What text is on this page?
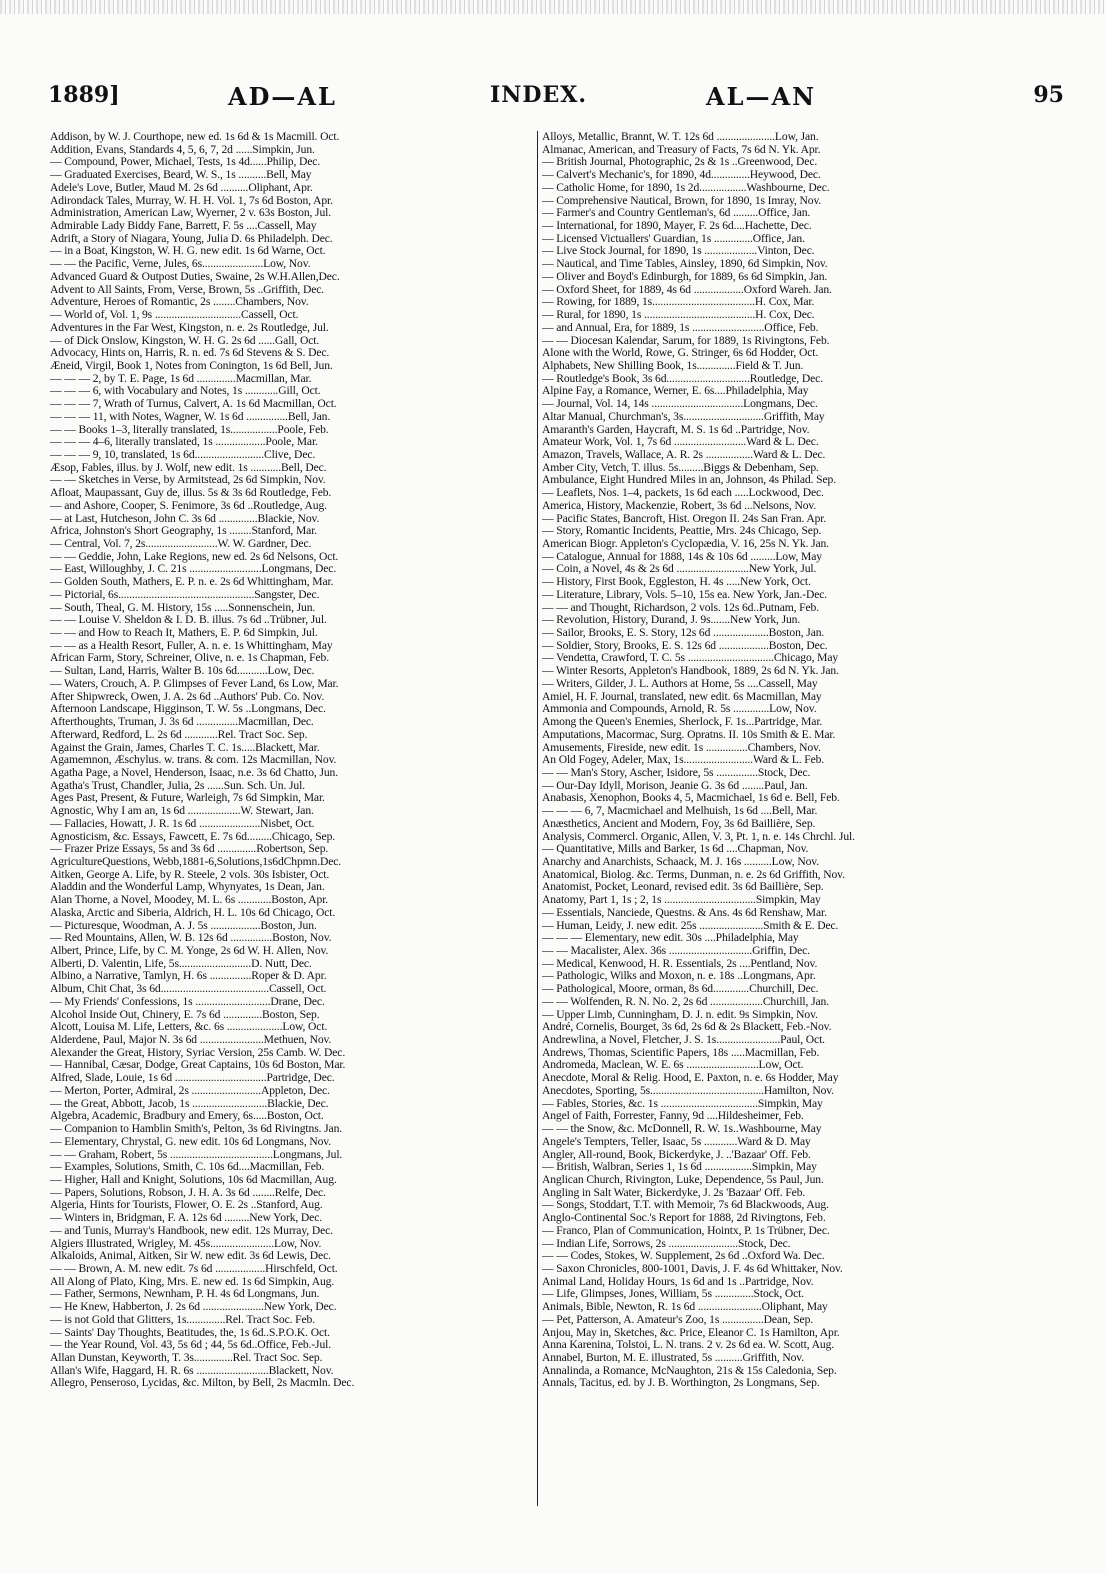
1889]	AD—AL	INDEX.	AL—AN	95
Addison, by W. J. Courthope, new ed. 1s 6d & 1s Macmill. Oct.
Addition, Evans, Standards 4, 5, 6, 7, 2d ......Simpkin, Jun.
— Compound, Power, Michael, Tests, 1s 4d......Philip, Dec.
— Graduated Exercises, Beard, W. S., 1s ..........Bell, May
Adele's Love, Butler, Maud M. 2s 6d ..........Oliphant, Apr.
Adirondack Tales, Murray, W. H. H. Vol. 1, 7s 6d Boston, Apr.
Administration, American Law, Wyerner, 2 v. 63s Boston, Jul.
Admirable Lady Biddy Fane, Barrett, F. 5s ....Cassell, May
Adrift, a Story of Niagara, Young, Julia D. 6s Philadelph. Dec.
— in a Boat, Kingston, W. H. G. new edit. 1s 6d Warne, Oct.
— — the Pacific, Verne, Jules, 6s......................Low, Nov.
Advanced Guard & Outpost Duties, Swaine, 2s W.H.Allen,Dec.
Advent to All Saints, From, Verse, Brown, 5s ..Griffith, Dec.
Adventure, Heroes of Romantic, 2s ........Chambers, Nov.
— World of, Vol. 1, 9s ...............................Cassell, Oct.
Adventures in the Far West, Kingston, n. e. 2s Routledge, Jul.
— of Dick Onslow, Kingston, W. H. G. 2s 6d ......Gall, Oct.
Advocacy, Hints on, Harris, R. n. ed. 7s 6d Stevens & S. Dec.
Æneid, Virgil, Book 1, Notes from Conington, 1s 6d Bell, Jun.
— — — 2, by T. E. Page, 1s 6d ..............Macmillan, Mar.
— — — 6, with Vocabulary and Notes, 1s ............Gill, Oct.
— — — 7, Wrath of Turnus, Calvert, A. 1s 6d Macmillan, Oct.
— — — 11, with Notes, Wagner, W. 1s 6d ...............Bell, Jan.
— — Books 1–3, literally translated, 1s.................Poole, Feb.
— — — 4–6, literally translated, 1s ..................Poole, Mar.
— — — 9, 10, translated, 1s 6d.........................Clive, Dec.
Æsop, Fables, illus. by J. Wolf, new edit. 1s ...........Bell, Dec.
— — Sketches in Verse, by Armitstead, 2s 6d Simpkin, Nov.
Afloat, Maupassant, Guy de, illus. 5s & 3s 6d Routledge, Feb.
— and Ashore, Cooper, S. Fenimore, 3s 6d ..Routledge, Aug.
— at Last, Hutcheson, John C. 3s 6d ..............Blackie, Nov.
Africa, Johnston's Short Geography, 1s ........Stanford, Mar.
— Central, Vol. 7, 2s..........................W. W. Gardner, Dec.
— — Geddie, John, Lake Regions, new ed. 2s 6d Nelsons, Oct.
— East, Willoughby, J. C. 21s ..........................Longmans, Dec.
— Golden South, Mathers, E. P. n. e. 2s 6d Whittingham, Mar.
— Pictorial, 6s.................................................Sangster, Dec.
— South, Theal, G. M. History, 15s .....Sonnenschein, Jun.
— — Louise V. Sheldon & I. D. B. illus. 7s 6d ..Trübner, Jul.
— — and How to Reach It, Mathers, E. P. 6d Simpkin, Jul.
— — as a Health Resort, Fuller, A. n. e. 1s Whittingham, May
African Farm, Story, Schreiner, Olive, n. e. 1s Chapman, Feb.
— Sultan, Land, Harris, Walter B. 10s 6d...........Low, Dec.
— Waters, Crouch, A. P. Glimpses of Fever Land, 6s Low, Mar.
After Shipwreck, Owen, J. A. 2s 6d ..Authors' Pub. Co. Nov.
Afternoon Landscape, Higginson, T. W. 5s ..Longmans, Dec.
Afterthoughts, Truman, J. 3s 6d ...............Macmillan, Dec.
Afterward, Redford, L. 2s 6d ............Rel. Tract Soc. Sep.
Against the Grain, James, Charles T. C. 1s.....Blackett, Mar.
Agamemnon, Æschylus. w. trans. & com. 12s Macmillan, Nov.
Agatha Page, a Novel, Henderson, Isaac, n.e. 3s 6d Chatto, Jun.
Agatha's Trust, Chandler, Julia, 2s ......Sun. Sch. Un. Jul.
Ages Past, Present, & Future, Warleigh, 7s 6d Simpkin, Mar.
Agnostic, Why I am an, 1s 6d ...................W. Stewart, Jan.
— Fallacies, Howatt, J. R. 1s 6d ......................Nisbet, Oct.
Agnosticism, &c. Essays, Fawcett, E. 7s 6d.........Chicago, Sep.
— Frazer Prize Essays, 5s and 3s 6d ..............Robertson, Sep.
AgricultureQuestions, Webb,1881-6,Solutions,1s6dChpmn.Dec.
Aitken, George A. Life, by R. Steele, 2 vols. 30s Isbister, Oct.
Aladdin and the Wonderful Lamp, Whynyates, 1s Dean, Jan.
Alan Thorne, a Novel, Moodey, M. L. 6s ............Boston, Apr.
Alaska, Arctic and Siberia, Aldrich, H. L. 10s 6d Chicago, Oct.
— Picturesque, Woodman, A. J. 5s ..................Boston, Jun.
— Red Mountains, Allen, W. B. 12s 6d ...............Boston, Nov.
Albert, Prince, Life, by C. M. Yonge, 2s 6d W. H. Allen, Nov.
Alberti, D. Valentin, Life, 5s..........................D. Nutt, Dec.
Albino, a Narrative, Tamlyn, H. 6s ...............Roper & D. Apr.
Album, Chit Chat, 3s 6d.......................................Cassell, Oct.
— My Friends' Confessions, 1s ...........................Drane, Dec.
Alcohol Inside Out, Chinery, E. 7s 6d ..............Boston, Sep.
Alcott, Louisa M. Life, Letters, &c. 6s ....................Low, Oct.
Alderdene, Paul, Major N. 3s 6d .......................Methuen, Nov.
Alexander the Great, History, Syriac Version, 25s Camb. W. Dec.
— Hannibal, Cæsar, Dodge, Great Captains, 10s 6d Boston, Mar.
Alfred, Slade, Louie, 1s 6d .................................Partridge, Dec.
— Merton, Porter, Admiral, 2s .........................Appleton, Dec.
— the Great, Abbott, Jacob, 1s ...........................Blackie, Dec.
Algebra, Academic, Bradbury and Emery, 6s.....Boston, Oct.
— Companion to Hamblin Smith's, Pelton, 3s 6d Rivingtns. Jan.
— Elementary, Chrystal, G. new edit. 10s 6d Longmans, Nov.
— — Graham, Robert, 5s .....................................Longmans, Jul.
— Examples, Solutions, Smith, C. 10s 6d....Macmillan, Feb.
— Higher, Hall and Knight, Solutions, 10s 6d Macmillan, Aug.
— Papers, Solutions, Robson, J. H. A. 3s 6d ........Relfe, Dec.
Algeria, Hints for Tourists, Flower, O. E. 2s ..Stanford, Aug.
— Winters in, Bridgman, F. A. 12s 6d .........New York, Dec.
— and Tunis, Murray's Handbook, new edit. 12s Murray, Dec.
Algiers Illustrated, Wrigley, M. 45s.......................Low, Nov.
Alkaloids, Animal, Aitken, Sir W. new edit. 3s 6d Lewis, Dec.
— — Brown, A. M. new edit. 7s 6d ..................Hirschfeld, Oct.
All Along of Plato, King, Mrs. E. new ed. 1s 6d Simpkin, Aug.
— Father, Sermons, Newnham, P. H. 4s 6d Longmans, Jun.
— He Knew, Habberton, J. 2s 6d ......................New York, Dec.
— is not Gold that Glitters, 1s..............Rel. Tract Soc. Feb.
— Saints' Day Thoughts, Beatitudes, the, 1s 6d..S.P.O.K. Oct.
— the Year Round, Vol. 43, 5s 6d ; 44, 5s 6d..Office, Feb.-Jul.
Allan Dunstan, Keyworth, T. 3s..............Rel. Tract Soc. Sep.
Allan's Wife, Haggard, H. R. 6s ..........................Blackett, Nov.
Allegro, Penseroso, Lycidas, &c. Milton, by Bell, 2s Macmln. Dec.
Alloys, Metallic, Brannt, W. T. 12s 6d .....................Low, Jan.
Almanac, American, and Treasury of Facts, 7s 6d N. Yk. Apr.
— British Journal, Photographic, 2s & 1s ..Greenwood, Dec.
— Calvert's Mechanic's, for 1890, 4d..............Heywood, Dec.
— Catholic Home, for 1890, 1s 2d.................Washbourne, Dec.
— Comprehensive Nautical, Brown, for 1890, 1s Imray, Nov.
— Farmer's and Country Gentleman's, 6d .........Office, Jan.
— International, for 1890, Mayer, F. 2s 6d....Hachette, Dec.
— Licensed Victuallers' Guardian, 1s ..............Office, Jan.
— Live Stock Journal, for 1890, 1s ...................Vinton, Dec.
— Nautical, and Time Tables, Ainsley, 1890, 6d Simpkin, Nov.
— Oliver and Boyd's Edinburgh, for 1889, 6s 6d Simpkin, Jan.
— Oxford Sheet, for 1889, 4s 6d ..................Oxford Wareh. Jan.
— Rowing, for 1889, 1s.....................................H. Cox, Mar.
— Rural, for 1890, 1s ........................................H. Cox, Dec.
— and Annual, Era, for 1889, 1s ..........................Office, Feb.
— — Diocesan Kalendar, Sarum, for 1889, 1s Rivingtons, Feb.
Alone with the World, Rowe, G. Stringer, 6s 6d Hodder, Oct.
Alphabets, New Shilling Book, 1s..............Field & T. Jun.
— Routledge's Book, 3s 6d..............................Routledge, Dec.
Alpine Fay, a Romance, Werner, E. 6s....Philadelphia, May
— Journal, Vol. 14, 14s .................................Longmans, Dec.
Altar Manual, Churchman's, 3s.............................Griffith, May
Amaranth's Garden, Haycraft, M. S. 1s 6d ..Partridge, Nov.
Amateur Work, Vol. 1, 7s 6d ..........................Ward & L. Dec.
Amazon, Travels, Wallace, A. R. 2s .................Ward & L. Dec.
Amber City, Vetch, T. illus. 5s.........Biggs & Debenham, Sep.
Ambulance, Eight Hundred Miles in an, Johnson, 4s Philad. Sep.
— Leaflets, Nos. 1–4, packets, 1s 6d each .....Lockwood, Dec.
America, History, Mackenzie, Robert, 3s 6d ...Nelsons, Nov.
— Pacific States, Bancroft, Hist. Oregon II. 24s San Fran. Apr.
— Story, Romantic Incidents, Peattie, Mrs. 24s Chicago, Sep.
American Biogr. Appleton's Cyclopædia, V. 16, 25s N. Yk. Jan.
— Catalogue, Annual for 1888, 14s & 10s 6d .........Low, May
— Coin, a Novel, 4s & 2s 6d ..........................New York, Jul.
— History, First Book, Eggleston, H. 4s .....New York, Oct.
— Literature, Library, Vols. 5–10, 15s ea. New York, Jan.-Dec.
— — and Thought, Richardson, 2 vols. 12s 6d..Putnam, Feb.
— Revolution, History, Durand, J. 9s.......New York, Jun.
— Sailor, Brooks, E. S. Story, 12s 6d ....................Boston, Jan.
— Soldier, Story, Brooks, E. S. 12s 6d ..................Boston, Dec.
— Vendetta, Crawford, T. C. 5s ...............................Chicago, May
— Winter Resorts, Appleton's Handbook, 1889, 2s 6d N. Yk. Jan.
— Writers, Gilder, J. L. Authors at Home, 5s ....Cassell, May
Amiel, H. F. Journal, translated, new edit. 6s Macmillan, May
Ammonia and Compounds, Arnold, R. 5s .............Low, Nov.
Among the Queen's Enemies, Sherlock, F. 1s...Partridge, Mar.
Amputations, Macormac, Surg. Opratns. II. 10s Smith & E. Mar.
Amusements, Fireside, new edit. 1s ...............Chambers, Nov.
An Old Fogey, Adeler, Max, 1s.........................Ward & L. Feb.
— — Man's Story, Ascher, Isidore, 5s ...............Stock, Dec.
— Our-Day Idyll, Morison, Jeanie G. 3s 6d ........Paul, Jan.
Anabasis, Xenophon, Books 4, 5, Macmichael, 1s 6d e. Bell, Feb.
— — — 6, 7, Macmichael and Melhuish, 1s 6d ....Bell, Mar.
Anæsthetics, Ancient and Modern, Foy, 3s 6d Baillière, Sep.
Analysis, Commercl. Organic, Allen, V. 3, Pt. 1, n. e. 14s Chrchl. Jul.
— Quantitative, Mills and Barker, 1s 6d ....Chapman, Nov.
Anarchy and Anarchists, Schaack, M. J. 16s ..........Low, Nov.
Anatomical, Biolog. &c. Terms, Dunman, n. e. 2s 6d Griffith, Nov.
Anatomist, Pocket, Leonard, revised edit. 3s 6d Baillière, Sep.
Anatomy, Part 1, 1s ; 2, 1s .................................Simpkin, May
— Essentials, Nanciede, Questns. & Ans. 4s 6d Renshaw, Mar.
— Human, Leidy, J. new edit. 25s .......................Smith & E. Dec.
— — — Elementary, new edit. 30s ....Philadelphia, May
— — Macalister, Alex. 36s ..............................Griffin, Dec.
— Medical, Kenwood, H. R. Essentials, 2s ....Pentland, Nov.
— Pathologic, Wilks and Moxon, n. e. 18s ..Longmans, Apr.
— Pathological, Moore, orman, 8s 6d.............Churchill, Dec.
— — Wolfenden, R. N. No. 2, 2s 6d ...................Churchill, Jan.
— Upper Limb, Cunningham, D. J. n. edit. 9s Simpkin, Nov.
André, Cornelis, Bourget, 3s 6d, 2s 6d & 2s Blackett, Feb.-Nov.
Andrewlina, a Novel, Fletcher, J. S. 1s.......................Paul, Oct.
Andrews, Thomas, Scientific Papers, 18s .....Macmillan, Feb.
Andromeda, Maclean, W. E. 6s ..........................Low, Oct.
Anecdote, Moral & Relig. Hood, E. Paxton, n. e. 6s Hodder, May
Anecdotes, Sporting, 5s.........................................Hamilton, Nov.
— Fables, Stories, &c. 1s ...................................Simpkin, May
Angel of Faith, Forrester, Fanny, 9d ....Hildesheimer, Feb.
— — the Snow, &c. McDonnell, R. W. 1s..Washbourne, May
Angele's Tempters, Teller, Isaac, 5s ............Ward & D. May
Angler, All-round, Book, Bickerdyke, J. ..'Bazaar' Off. Feb.
— British, Walbran, Series 1, 1s 6d .................Simpkin, May
Anglican Church, Rivington, Luke, Dependence, 5s Paul, Jun.
Angling in Salt Water, Bickerdyke, J. 2s 'Bazaar' Off. Feb.
— Songs, Stoddart, T.T. with Memoir, 7s 6d Blackwoods, Aug.
Anglo-Continental Soc.'s Report for 1888, 2d Rivingtons, Feb.
— Franco, Plan of Communication, Hointx, P. 1s Trübner, Dec.
— Indian Life, Sorrows, 2s .........................Stock, Dec.
— — Codes, Stokes, W. Supplement, 2s 6d ..Oxford Wa. Dec.
— Saxon Chronicles, 800-1001, Davis, J. F. 4s 6d Whittaker, Nov.
Animal Land, Holiday Hours, 1s 6d and 1s ..Partridge, Nov.
— Life, Glimpses, Jones, William, 5s ..............Stock, Oct.
Animals, Bible, Newton, R. 1s 6d .......................Oliphant, May
— Pet, Patterson, A. Amateur's Zoo, 1s ...............Dean, Sep.
Anjou, May in, Sketches, &c. Price, Eleanor C. 1s Hamilton, Apr.
Anna Karenina, Tolstoi, L. N. trans. 2 v. 2s 6d ea. W. Scott, Aug.
Annabel, Burton, M. E. illustrated, 5s ..........Griffith, Nov.
Annalinda, a Romance, McNaughton, 21s & 15s Caledonia, Sep.
Annals, Tacitus, ed. by J. B. Worthington, 2s Longmans, Sep.
